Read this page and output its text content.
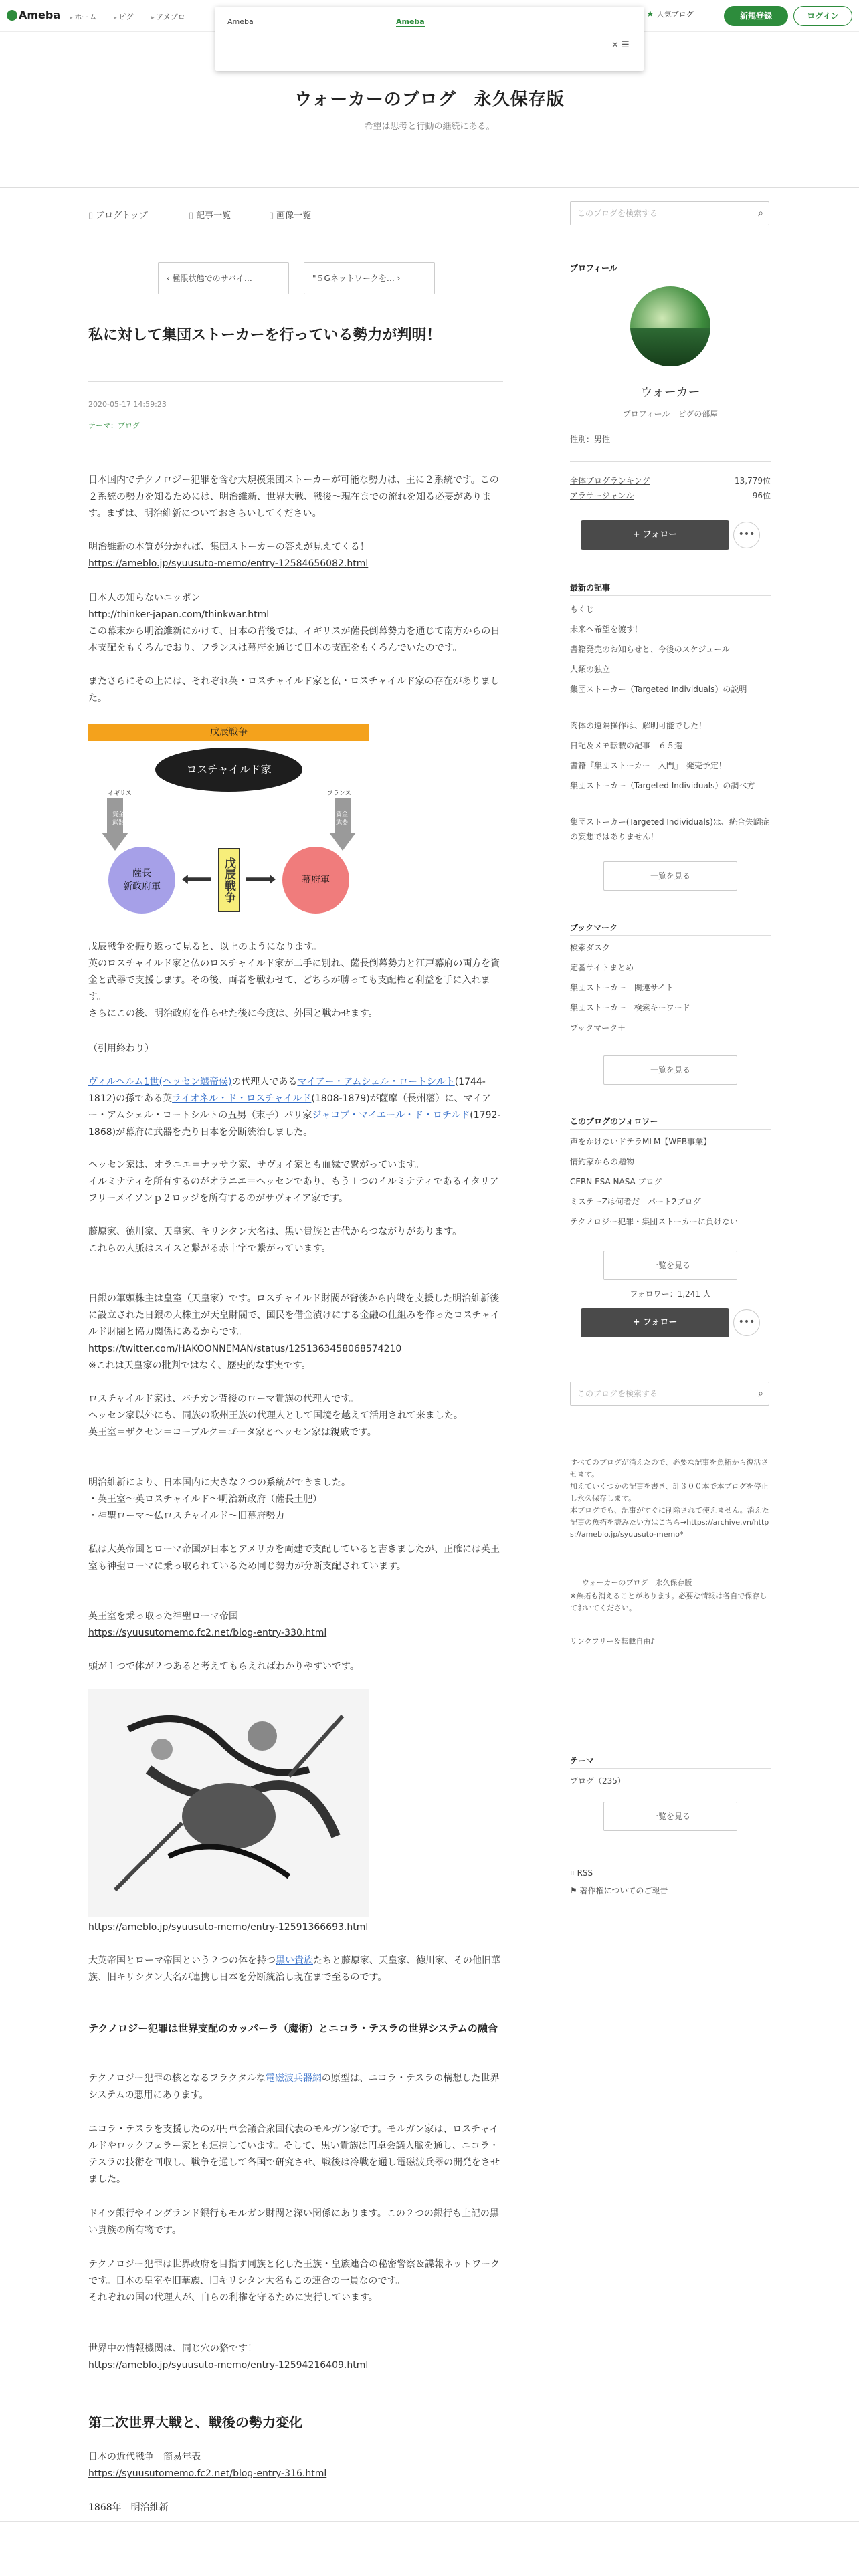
Ameba	▸ ホーム	▸ ピグ	▸ アメブロ	★ 人気ブログ	新規登録	ログイン
Ameba	Ameba
× ☰
ウォーカーのブログ　永久保存版
希望は思考と行動の継続にある。
▯ ブログトップ	▯ 記事一覧	▯ 画像一覧	このブログを検索する	⌕
‹ 極限状態でのサバイ…	"５Gネットワークを… ›
私に対して集団ストーカーを行っている勢力が判明！
2020-05-17 14:59:23
テーマ：ブログ
日本国内でテクノロジー犯罪を含む大規模集団ストーカーが可能な勢力は、主に２系統です。この２系統の勢力を知るためには、明治維新、世界大戦、戦後〜現在までの流れを知る必要があります。まずは、明治維新についておさらいしてください。
明治維新の本質が分かれば、集団ストーカーの答えが見えてくる！
https://ameblo.jp/syuusuto-memo/entry-12584656082.html
日本人の知らないニッポン
http://thinker-japan.com/thinkwar.html
この幕末から明治維新にかけて、日本の背後では、イギリスが薩長倒幕勢力を通じて南方からの日本支配をもくろんでおり、フランスは幕府を通じて日本の支配をもくろんでいたのです。
またさらにその上には、それぞれ英・ロスチャイルド家と仏・ロスチャイルド家の存在がありました。
戊辰戦争
ロスチャイルド家
イギリス	フランス
資金
武器
資金
武器
薩長
新政府軍
幕府軍
戊辰戦争
戊辰戦争を振り返って見ると、以上のようになります。
英のロスチャイルド家と仏のロスチャイルド家が二手に別れ、薩長倒幕勢力と江戸幕府の両方を資金と武器で支援します。その後、両者を戦わせて、どちらが勝っても支配権と利益を手に入れます。
さらにこの後、明治政府を作らせた後に今度は、外国と戦わせます。
（引用終わり）
ヴィルヘルム1世(ヘッセン選帝侯)の代理人であるマイアー・アムシェル・ロートシルト(1744-1812)の孫である英ライオネル・ド・ロスチャイルド(1808-1879)が薩摩（長州藩）に、マイアー・アムシェル・ロートシルトの五男（末子）パリ家ジャコブ・マイエール・ド・ロチルド(1792-1868)が幕府に武器を売り日本を分断統治しました。
ヘッセン家は、オラニエ＝ナッサウ家、サヴォイ家とも血縁で繋がっています。
イルミナティを所有するのがオラニエ＝ヘッセンであり、もう１つのイルミナティであるイタリアフリーメイソンｐ２ロッジを所有するのがサヴォイア家です。
藤原家、徳川家、天皇家、キリシタン大名は、黒い貴族と古代からつながりがあります。
これらの人脈はスイスと繋がる赤十字で繋がっています。
日銀の筆頭株主は皇室（天皇家）です。ロスチャイルド財閥が背後から内戦を支援した明治維新後に設立された日銀の大株主が天皇財閥で、国民を借金漬けにする金融の仕組みを作ったロスチャイルド財閥と協力関係にあるからです。
https://twitter.com/HAKOONNEMAN/status/1251363458068574210
※これは天皇家の批判ではなく、歴史的な事実です。
ロスチャイルド家は、バチカン背後のローマ貴族の代理人です。
ヘッセン家以外にも、同族の欧州王族の代理人として国境を越えて活用されて来ました。
英王室＝ザクセン＝コーブルク＝ゴータ家とヘッセン家は親戚です。
明治維新により、日本国内に大きな２つの系統ができました。
・英王室〜英ロスチャイルド〜明治新政府（薩長土肥）
・神聖ローマ〜仏ロスチャイルド〜旧幕府勢力
私は大英帝国とローマ帝国が日本とアメリカを両建で支配していると書きましたが、正確には英王室も神聖ローマに乗っ取られているため同じ勢力が分断支配されています。
英王室を乗っ取った神聖ローマ帝国
https://syuusutomemo.fc2.net/blog-entry-330.html
頭が１つで体が２つあると考えてもらえればわかりやすいです。
https://ameblo.jp/syuusuto-memo/entry-12591366693.html
大英帝国とローマ帝国という２つの体を持つ黒い貴族たちと藤原家、天皇家、徳川家、その他旧華族、旧キリシタン大名が連携し日本を分断統治し現在まで至るのです。
テクノロジー犯罪は世界支配のカッパーラ（魔術）とニコラ・テスラの世界システムの融合
テクノロジー犯罪の核となるフラクタルな電磁波兵器網の原型は、ニコラ・テスラの構想した世界システムの悪用にあります。
ニコラ・テスラを支援したのが円卓会議合衆国代表のモルガン家です。モルガン家は、ロスチャイルドやロックフェラー家とも連携しています。そして、黒い貴族は円卓会議人脈を通し、ニコラ・テスラの技術を回収し、戦争を通して各国で研究させ、戦後は冷戦を通し電磁波兵器の開発をさせました。
ドイツ銀行やイングランド銀行もモルガン財閥と深い関係にあります。この２つの銀行も上記の黒い貴族の所有物です。
テクノロジー犯罪は世界政府を目指す同族と化した王族・皇族連合の秘密警察＆諜報ネットワークです。日本の皇室や旧華族、旧キリシタン大名もこの連合の一員なのです。
それぞれの国の代理人が、自らの利権を守るために実行しています。
世界中の情報機関は、同じ穴の狢です！
https://ameblo.jp/syuusuto-memo/entry-12594216409.html
第二次世界大戦と、戦後の勢力変化
日本の近代戦争　簡易年表
https://syuusutomemo.fc2.net/blog-entry-316.html
1868年　明治維新
プロフィール
ウォーカー
プロフィール　ピグの部屋
性別：男性
全体ブログランキング	13,779位
アラサージャンル	96位
+ フォロー	•••
最新の記事
もくじ
未来へ希望を渡す！
書籍発売のお知らせと、今後のスケジュール
人類の独立
集団ストーカー（Targeted Individuals）の説明
肉体の遠隔操作は、解明可能でした！
日記＆メモ転載の記事　６５選
書籍『集団ストーカー　入門』　発売予定！
集団ストーカー（Targeted Individuals）の調べ方
集団ストーカー(Targeted Individuals)は、統合失調症の妄想ではありません！
一覧を見る
ブックマーク
検索ダスク
定番サイトまとめ
集団ストーカー　関連サイト
集団ストーカー　検索キーワード
ブックマーク＋
一覧を見る
このブログのフォロワー
声をかけないドテラMLM【WEB事業】
情釣家からの贈物
CERN ESA NASA ブログ
ミステーZは何者だ　パート2ブログ
テクノロジー犯罪・集団ストーカーに負けない
一覧を見る
フォロワー：1,241 人
+ フォロー	•••
このブログを検索する	⌕
すべてのブログが消えたので、必要な記事を魚拓から復活させます。
加えていくつかの記事を書き、計３００本で本ブログを停止し永久保存します。
本ブログでも、記事がすぐに削除されて使えません。消えた記事の魚拓を読みたい方はこちら→https://archive.vn/https://ameblo.jp/syuusuto-memo*
ウォーカーのブログ　永久保存版
※魚拓も消えることがあります。必要な情報は各自で保存しておいてください。
リンクフリー＆転載自由♪
テーマ
ブログ（235）
一覧を見る
⌗ RSS
⚑ 著作権についてのご報告
